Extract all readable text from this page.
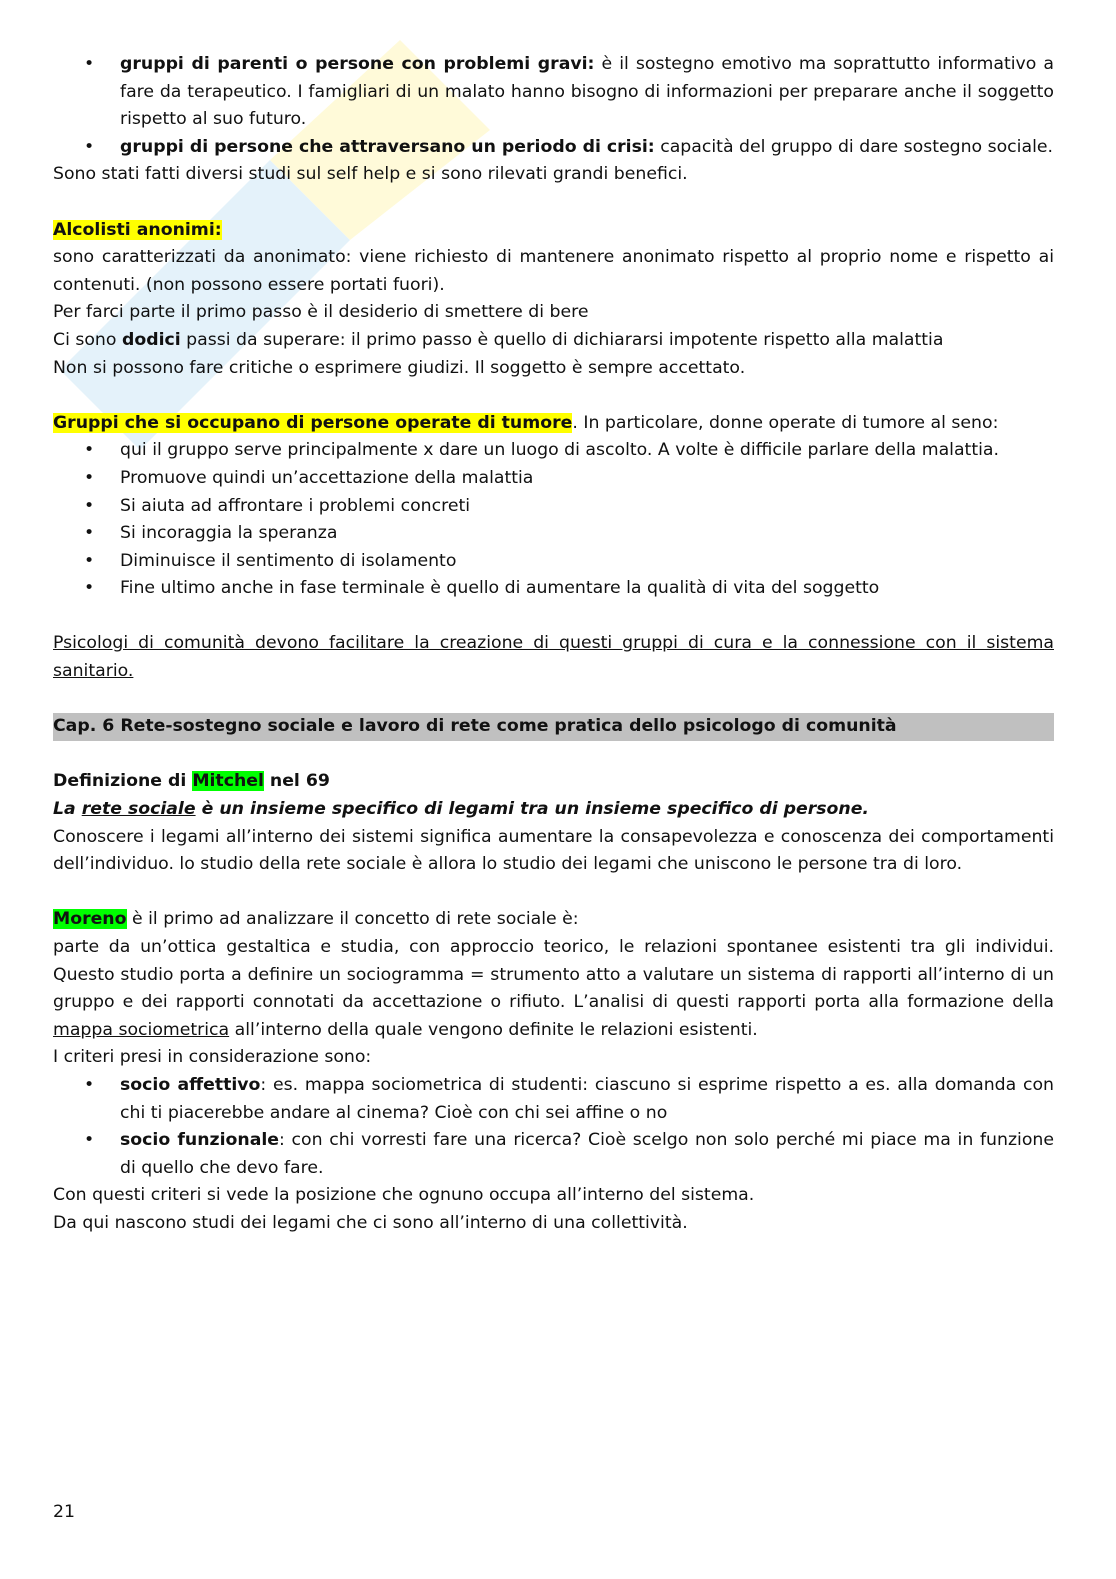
• gruppi di parenti o persone con problemi gravi: è il sostegno emotivo ma soprattutto informativo a fare da terapeutico. I famigliari di un malato hanno bisogno di informazioni per preparare anche il soggetto rispetto al suo futuro.
• gruppi di persone che attraversano un periodo di crisi: capacità del gruppo di dare sostegno sociale.
Sono stati fatti diversi studi sul self help e si sono rilevati grandi benefici.
Alcolisti anonimi:
sono caratterizzati da anonimato: viene richiesto di mantenere anonimato rispetto al proprio nome e rispetto ai contenuti. (non possono essere portati fuori).
Per farci parte il primo passo è il desiderio di smettere di bere
Ci sono dodici passi da superare: il primo passo è quello di dichiararsi impotente rispetto alla malattia
Non si possono fare critiche o esprimere giudizi. Il soggetto è sempre accettato.
Gruppi che si occupano di persone operate di tumore. In particolare, donne operate di tumore al seno:
• qui il gruppo serve principalmente x dare un luogo di ascolto. A volte è difficile parlare della malattia.
• Promuove quindi un’accettazione della malattia
• Si aiuta ad affrontare i problemi concreti
• Si incoraggia la speranza
• Diminuisce il sentimento di isolamento
• Fine ultimo anche in fase terminale è quello di aumentare la qualità di vita del soggetto
Psicologi di comunità devono facilitare la creazione di questi gruppi di cura e la connessione con il sistema sanitario.
Cap. 6 Rete-sostegno sociale e lavoro di rete come pratica dello psicologo di comunità
Definizione di Mitchel nel 69
La rete sociale è un insieme specifico di legami tra un insieme specifico di persone.
Conoscere i legami all’interno dei sistemi significa aumentare la consapevolezza e conoscenza dei comportamenti dell’individuo. lo studio della rete sociale è allora lo studio dei legami che uniscono le persone tra di loro.
Moreno è il primo ad analizzare il concetto di rete sociale è:
parte da un’ottica gestaltica e studia, con approccio teorico, le relazioni spontanee esistenti tra gli individui. Questo studio porta a definire un sociogramma = strumento atto a valutare un sistema di rapporti all’interno di un gruppo e dei rapporti connotati da accettazione o rifiuto. L’analisi di questi rapporti porta alla formazione della mappa sociometrica all’interno della quale vengono definite le relazioni esistenti.
I criteri presi in considerazione sono:
• socio affettivo: es. mappa sociometrica di studenti: ciascuno si esprime rispetto a es. alla domanda con chi ti piacerebbe andare al cinema? Cioè con chi sei affine o no
• socio funzionale: con chi vorresti fare una ricerca? Cioè scelgo non solo perché mi piace ma in funzione di quello che devo fare.
Con questi criteri si vede la posizione che ognuno occupa all’interno del sistema.
Da qui nascono studi dei legami che ci sono all’interno di una collettività.
21
